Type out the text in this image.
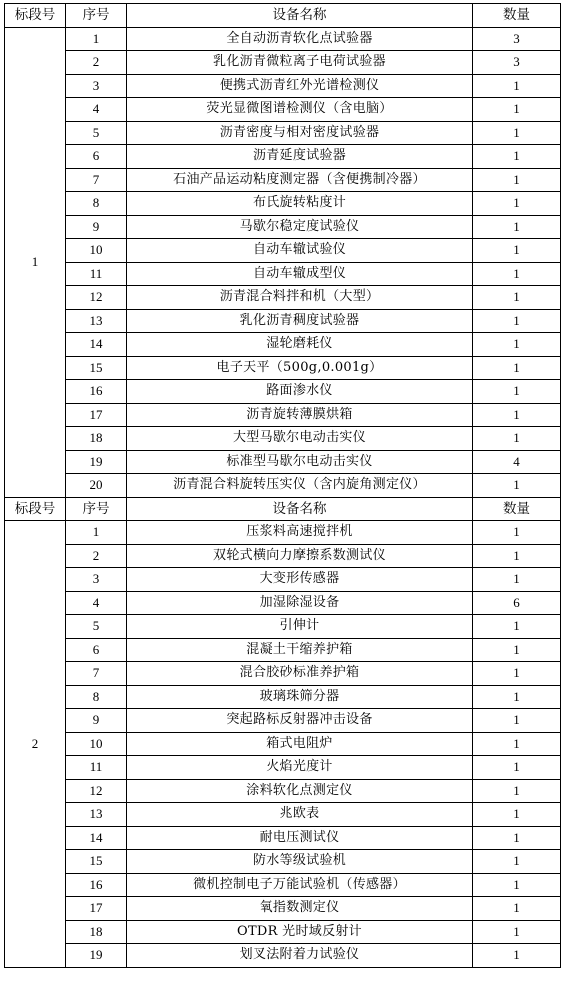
标段号	序号	设备名称	数量
1	1	全自动沥青软化点试验器	3
	2	乳化沥青微粒离子电荷试验器	3
	3	便携式沥青红外光谱检测仪	1
	4	荧光显微图谱检测仪（含电脑）	1
	5	沥青密度与相对密度试验器	1
	6	沥青延度试验器	1
	7	石油产品运动粘度测定器（含便携制冷器）	1
	8	布氏旋转粘度计	1
	9	马歇尔稳定度试验仪	1
	10	自动车辙试验仪	1
	11	自动车辙成型仪	1
	12	沥青混合料拌和机（大型）	1
	13	乳化沥青稠度试验器	1
	14	湿轮磨耗仪	1
	15	电子天平（500g,0.001g）	1
	16	路面渗水仪	1
	17	沥青旋转薄膜烘箱	1
	18	大型马歇尔电动击实仪	1
	19	标准型马歇尔电动击实仪	4
	20	沥青混合料旋转压实仪（含内旋角测定仪）	1
标段号	序号	设备名称	数量
2	1	压浆料高速搅拌机	1
	2	双轮式横向力摩擦系数测试仪	1
	3	大变形传感器	1
	4	加湿除湿设备	6
	5	引伸计	1
	6	混凝土干缩养护箱	1
	7	混合胶砂标准养护箱	1
	8	玻璃珠筛分器	1
	9	突起路标反射器冲击设备	1
	10	箱式电阻炉	1
	11	火焰光度计	1
	12	涂料软化点测定仪	1
	13	兆欧表	1
	14	耐电压测试仪	1
	15	防水等级试验机	1
	16	微机控制电子万能试验机（传感器）	1
	17	氧指数测定仪	1
	18	OTDR 光时域反射计	1
	19	划叉法附着力试验仪	1
